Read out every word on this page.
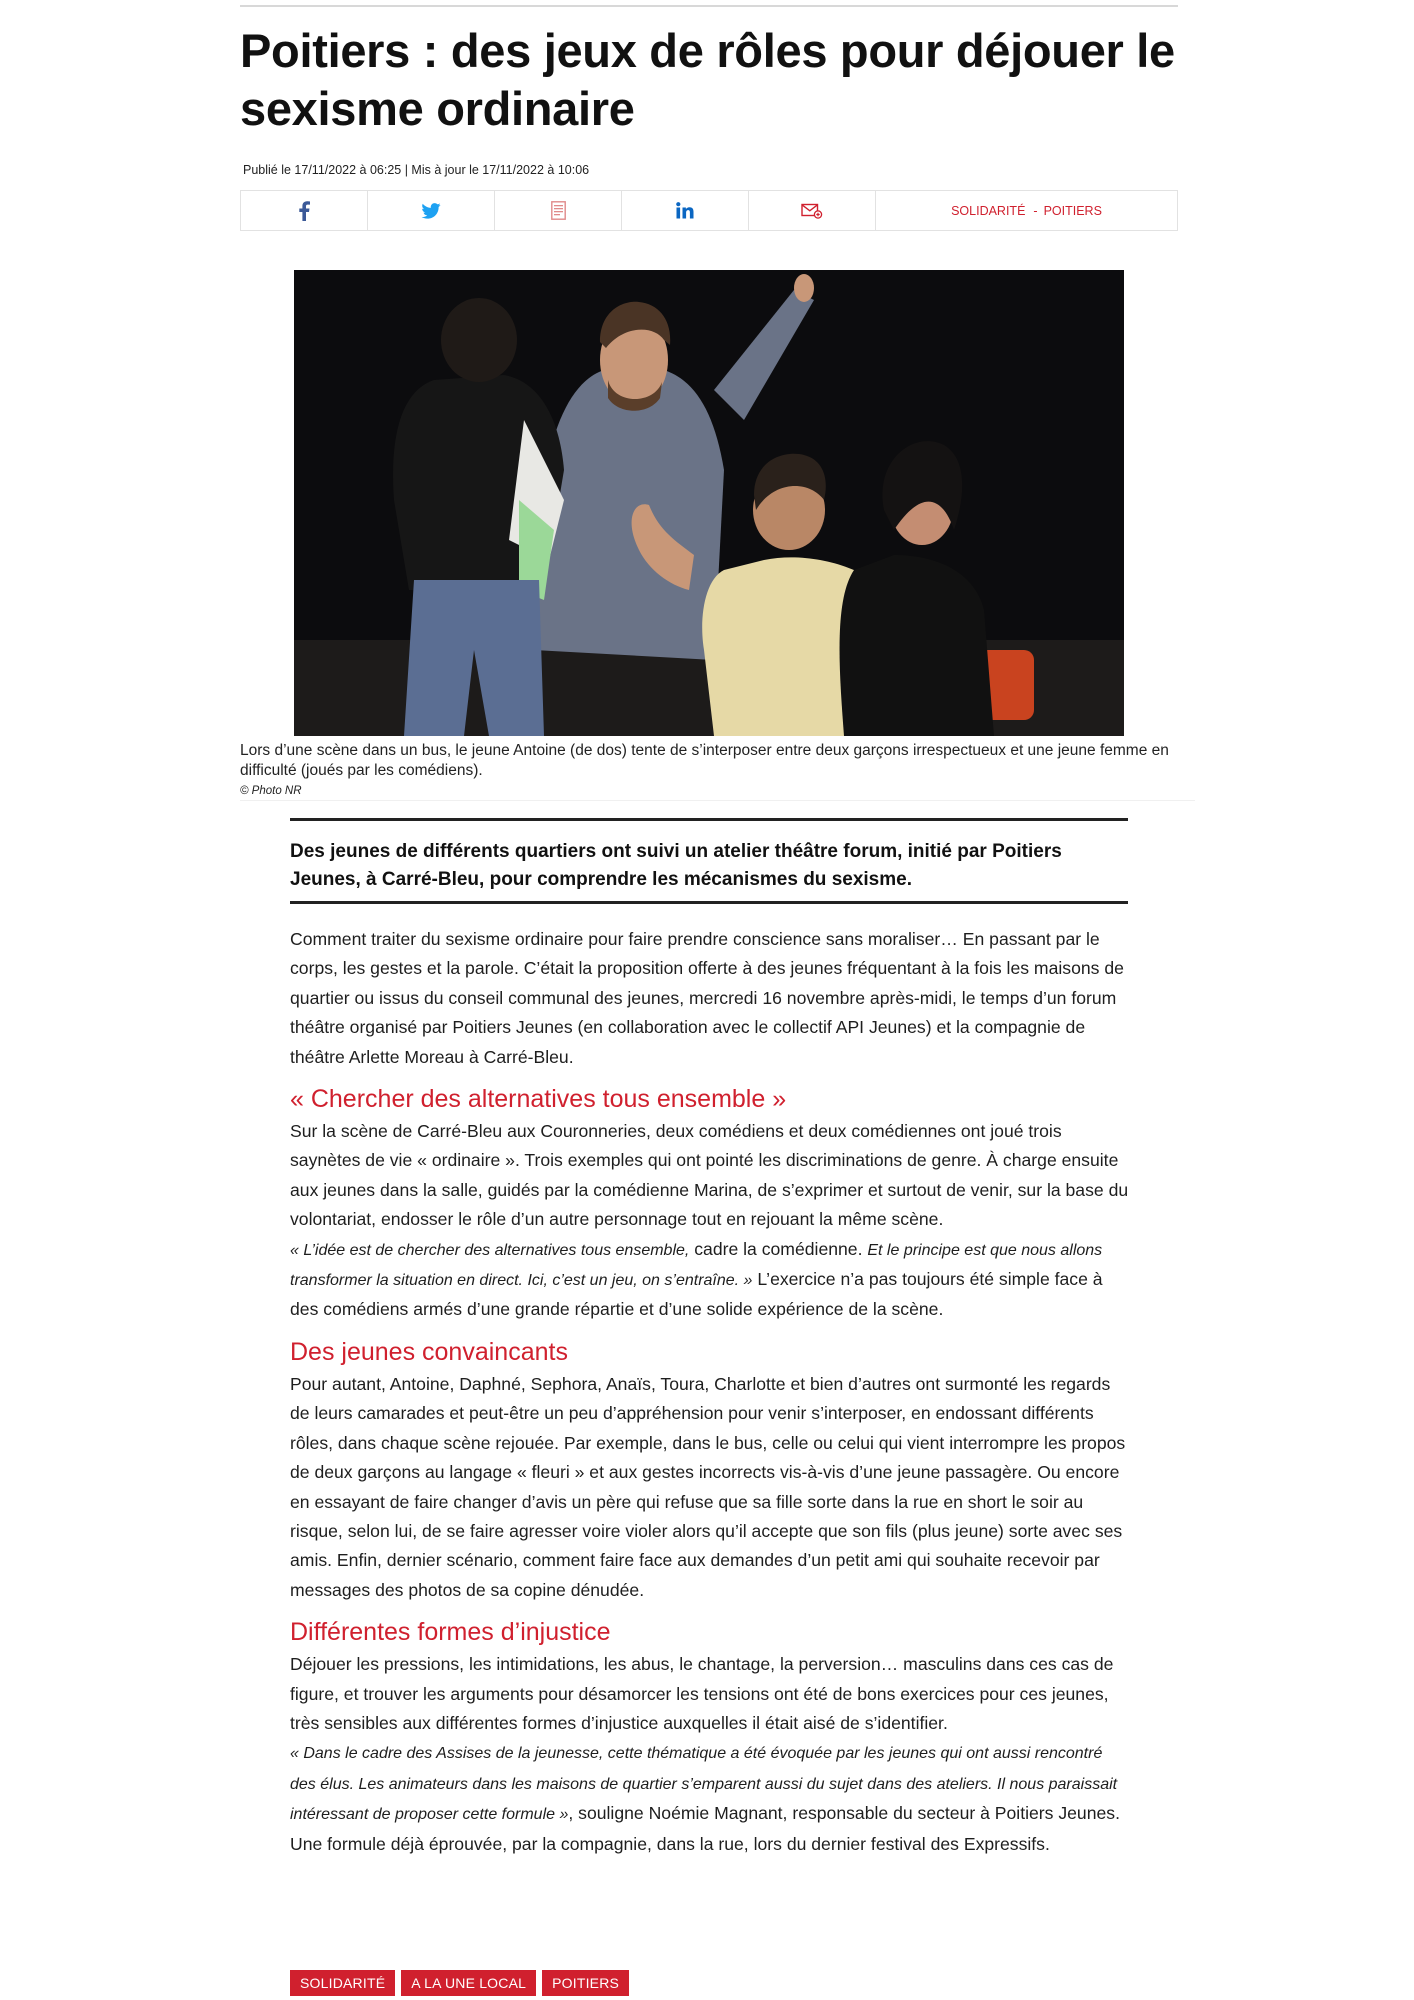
Poitiers : des jeux de rôles pour déjouer le sexisme ordinaire
Publié le 17/11/2022 à 06:25 | Mis à jour le 17/11/2022 à 10:06
SOLIDARITÉ - POITIERS
Lors d’une scène dans un bus, le jeune Antoine (de dos) tente de s’interposer entre deux garçons irrespectueux et une jeune femme en difficulté (joués par les comédiens).
© Photo NR
Des jeunes de différents quartiers ont suivi un atelier théâtre forum, initié par Poitiers Jeunes, à Carré-Bleu, pour comprendre les mécanismes du sexisme.

Comment traiter du sexisme ordinaire pour faire prendre conscience sans moraliser… En passant par le corps, les gestes et la parole. C’était la proposition offerte à des jeunes fréquentant à la fois les maisons de quartier ou issus du conseil communal des jeunes, mercredi 16 novembre après-midi, le temps d’un forum théâtre organisé par Poitiers Jeunes (en collaboration avec le collectif API Jeunes) et la compagnie de théâtre Arlette Moreau à Carré-Bleu.

« Chercher des alternatives tous ensemble »

Sur la scène de Carré-Bleu aux Couronneries, deux comédiens et deux comédiennes ont joué trois saynètes de vie « ordinaire ». Trois exemples qui ont pointé les discriminations de genre. À charge ensuite aux jeunes dans la salle, guidés par la comédienne Marina, de s’exprimer et surtout de venir, sur la base du volontariat, endosser le rôle d’un autre personnage tout en rejouant la même scène.
« L’idée est de chercher des alternatives tous ensemble, cadre la comédienne. Et le principe est que nous allons transformer la situation en direct. Ici, c’est un jeu, on s’entraîne. » L’exercice n’a pas toujours été simple face à des comédiens armés d’une grande répartie et d’une solide expérience de la scène.

Des jeunes convaincants

Pour autant, Antoine, Daphné, Sephora, Anaïs, Toura, Charlotte et bien d’autres ont surmonté les regards de leurs camarades et peut-être un peu d’appréhension pour venir s’interposer, en endossant différents rôles, dans chaque scène rejouée. Par exemple, dans le bus, celle ou celui qui vient interrompre les propos de deux garçons au langage « fleuri » et aux gestes incorrects vis-à-vis d’une jeune passagère. Ou encore en essayant de faire changer d’avis un père qui refuse que sa fille sorte dans la rue en short le soir au risque, selon lui, de se faire agresser voire violer alors qu’il accepte que son fils (plus jeune) sorte avec ses amis. Enfin, dernier scénario, comment faire face aux demandes d’un petit ami qui souhaite recevoir par messages des photos de sa copine dénudée.

Différentes formes d’injustice

Déjouer les pressions, les intimidations, les abus, le chantage, la perversion… masculins dans ces cas de figure, et trouver les arguments pour désamorcer les tensions ont été de bons exercices pour ces jeunes, très sensibles aux différentes formes d’injustice auxquelles il était aisé de s’identifier.
« Dans le cadre des Assises de la jeunesse, cette thématique a été évoquée par les jeunes qui ont aussi rencontré des élus. Les animateurs dans les maisons de quartier s’emparent aussi du sujet dans des ateliers. Il nous paraissait intéressant de proposer cette formule », souligne Noémie Magnant, responsable du secteur à Poitiers Jeunes. Une formule déjà éprouvée, par la compagnie, dans la rue, lors du dernier festival des Expressifs.

SOLIDARITÉ	A LA UNE LOCAL	POITIERS
